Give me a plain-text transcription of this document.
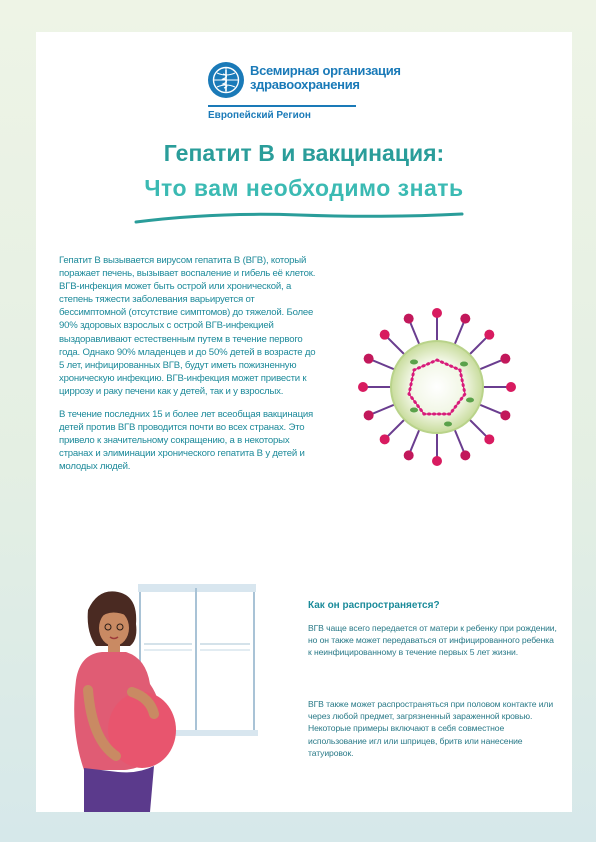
Всемирная организация
здравоохранения
Европейский Регион
Гепатит В и вакцинация:
Что вам необходимо знать

Гепатит В вызывается вирусом гепатита В (ВГВ), который поражает печень, вызывает воспаление и гибель её клеток. ВГВ-инфекция может быть острой или хронической, а степень тяжести заболевания варьируется от бессимптомной (отсутствие симптомов) до тяжелой. Более 90% здоровых взрослых с острой ВГВ-инфекцией выздоравливают естественным путем в течение первого года. Однако 90% младенцев и до 50% детей в возрасте до 5 лет, инфицированных ВГВ, будут иметь пожизненную хроническую инфекцию. ВГВ-инфекция может привести к циррозу и раку печени как у детей, так и у взрослых.

В течение последних 15 и более лет всеобщая вакцинация детей против ВГВ проводится почти во всех странах. Это привело к значительному сокращению, а в некоторых странах и элиминации хронического гепатита В у детей и молодых людей.

Как он распространяется?
ВГВ чаще всего передается от матери к ребенку при рождении, но он также может передаваться от инфицированного ребенка к неинфицированному в течение первых 5 лет жизни.
ВГВ также может распространяться при половом контакте или через любой предмет, загрязненный зараженной кровью. Некоторые примеры включают в себя совместное использование игл или шприцев, бритв или нанесение татуировок.
